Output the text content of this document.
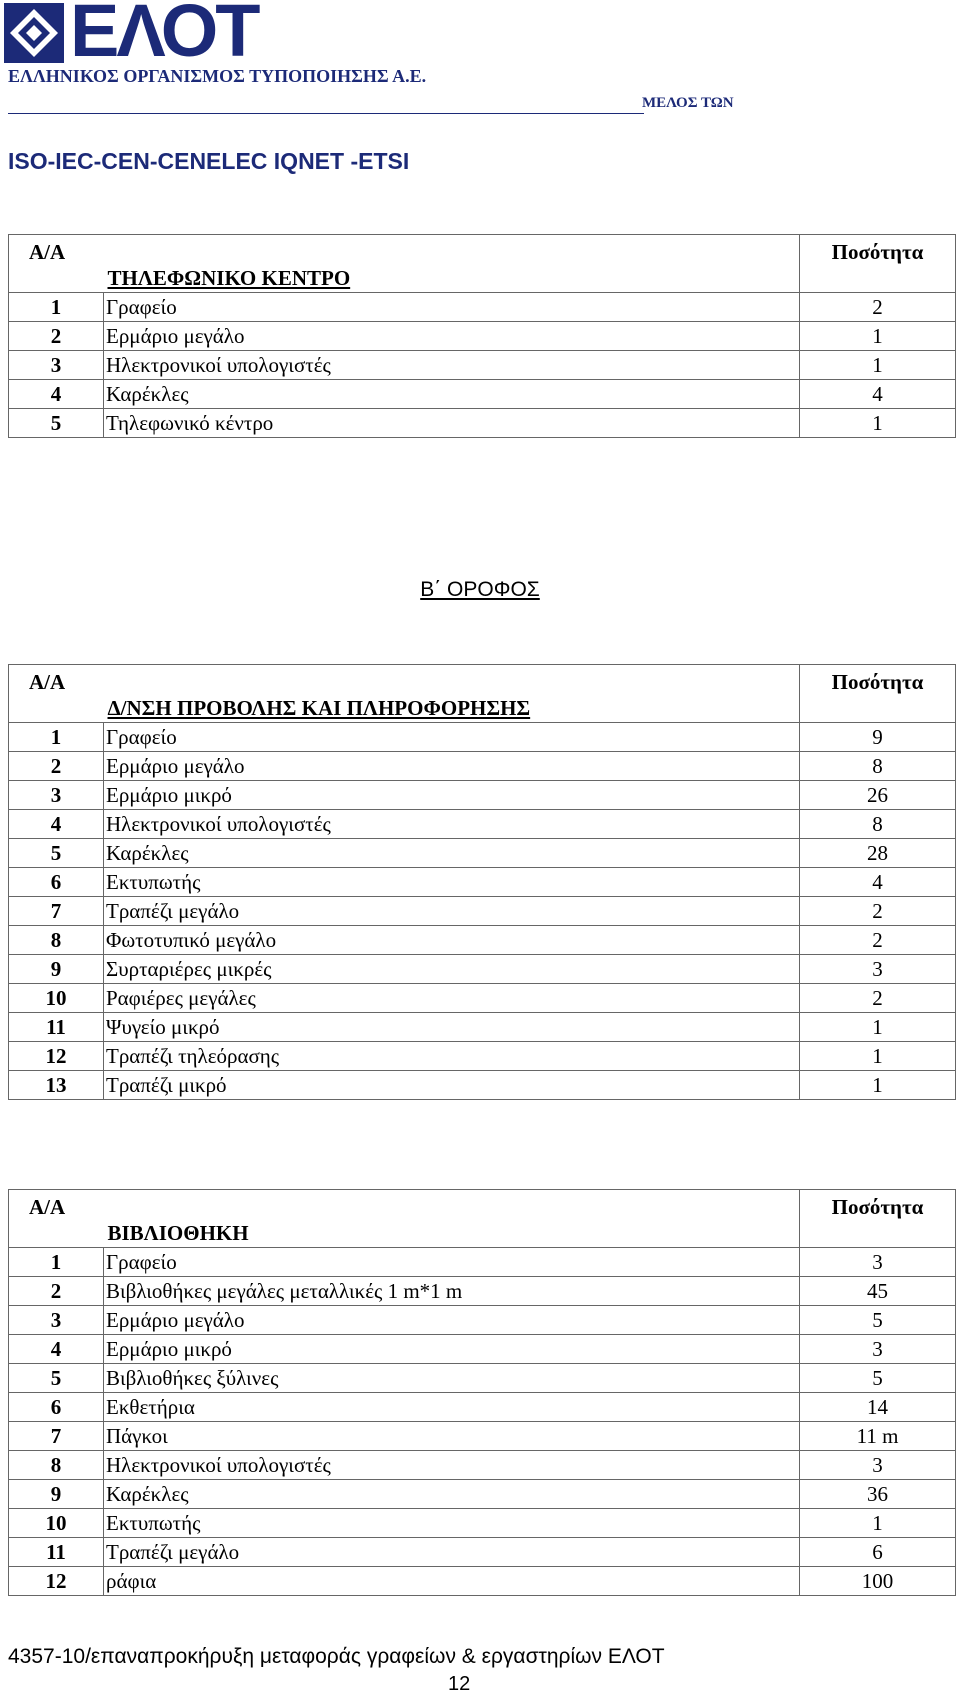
ΕΛΟΤ
ΕΛΛΗΝΙΚΟΣ ΟΡΓΑΝΙΣΜΟΣ ΤΥΠΟΠΟΙΗΣΗΣ Α.Ε.
ΜΕΛΟΣ ΤΩΝ
ISO-IEC-CEN-CENELEC IQNET -ETSI
Α/Α	ΤΗΛΕΦΩΝΙΚΟ ΚΕΝΤΡΟ	Ποσότητα

1	Γραφείο	2
2	Ερμάριο μεγάλο	1
3	Ηλεκτρονικοί υπολογιστές	1
4	Καρέκλες	4
5	Τηλεφωνικό κέντρο	1
Β΄ ΟΡΟΦΟΣ
Α/Α	Δ/ΝΣΗ ΠΡΟΒΟΛΗΣ ΚΑΙ ΠΛΗΡΟΦΟΡΗΣΗΣ	Ποσότητα

1	Γραφείο	9
2	Ερμάριο μεγάλο	8
3	Ερμάριο μικρό	26
4	Ηλεκτρονικοί υπολογιστές	8
5	Καρέκλες	28
6	Εκτυπωτής	4
7	Τραπέζι μεγάλο	2
8	Φωτοτυπικό μεγάλο	2
9	Συρταριέρες μικρές	3
10	Ραφιέρες μεγάλες	2
11	Ψυγείο μικρό	1
12	Τραπέζι τηλεόρασης	1
13	Τραπέζι μικρό	1
Α/Α	ΒΙΒΛΙΟΘΗΚΗ	Ποσότητα

1	Γραφείο	3
2	Βιβλιοθήκες μεγάλες μεταλλικές 1 m*1 m	45
3	Ερμάριο μεγάλο	5
4	Ερμάριο μικρό	3
5	Βιβλιοθήκες ξύλινες	5
6	Εκθετήρια	14
7	Πάγκοι	11 m
8	Ηλεκτρονικοί υπολογιστές	3
9	Καρέκλες	36
10	Εκτυπωτής	1
11	Τραπέζι μεγάλο	6
12	ράφια	100
4357-10/επαναπροκήρυξη μεταφοράς γραφείων & εργαστηρίων ΕΛΟΤ
12
